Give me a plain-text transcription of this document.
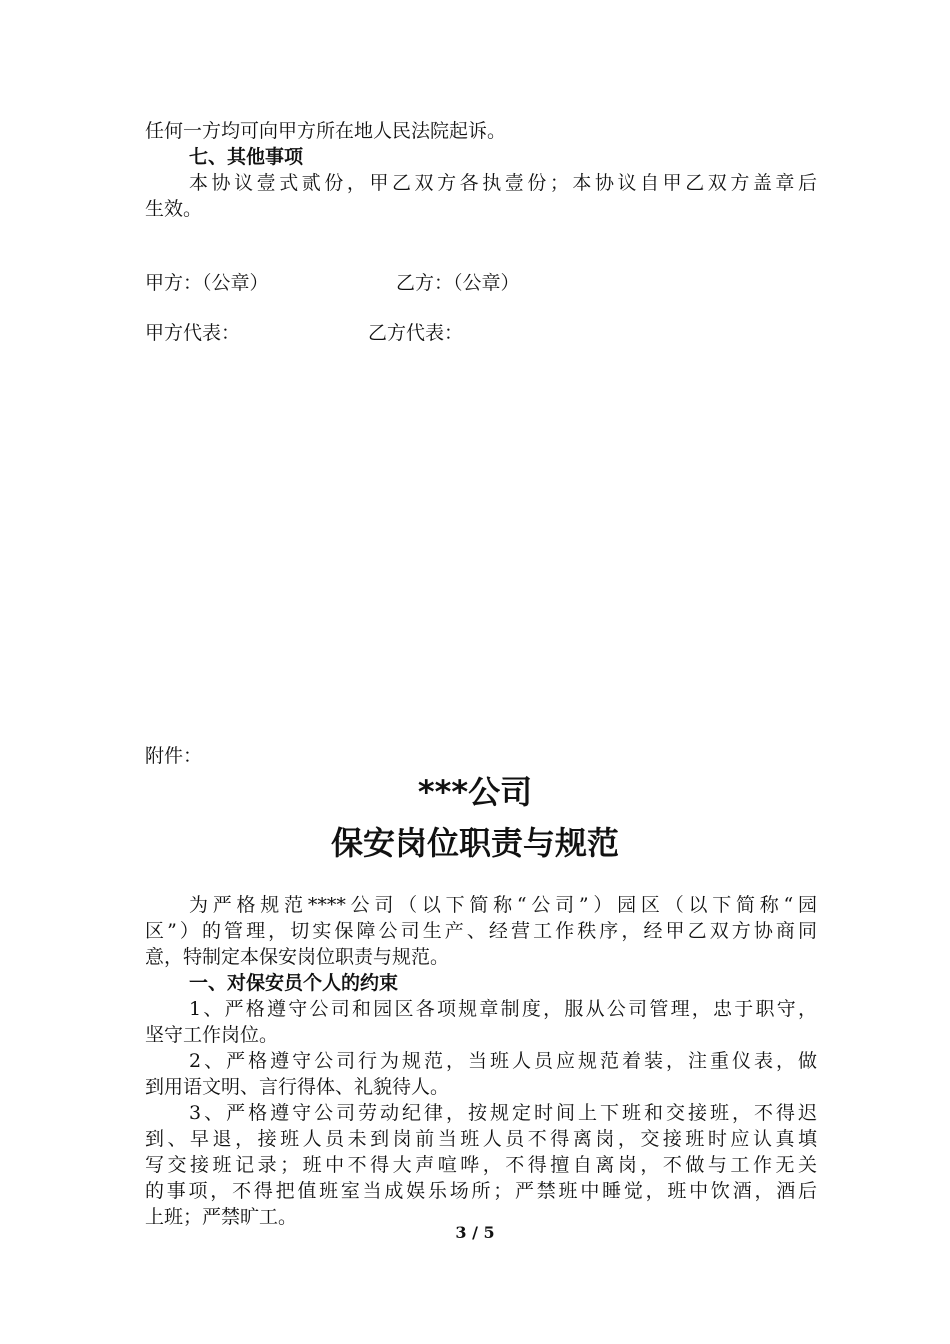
任何一方均可向甲方所在地人民法院起诉。
七、其他事项
本协议壹式贰份，甲乙双方各执壹份；本协议自甲乙双方盖章后
生效。
甲方：（公章）	乙方：（公章）
甲方代表：	乙方代表：
附件：
***公司
保安岗位职责与规范
为严格规范****公司（以下简称“公司”）园区（以下简称“园
区”）的管理，切实保障公司生产、经营工作秩序，经甲乙双方协商同
意，特制定本保安岗位职责与规范。
一、对保安员个人的约束
1、严格遵守公司和园区各项规章制度，服从公司管理，忠于职守，
坚守工作岗位。
2、严格遵守公司行为规范，当班人员应规范着装，注重仪表，做
到用语文明、言行得体、礼貌待人。
3、严格遵守公司劳动纪律，按规定时间上下班和交接班，不得迟
到、早退，接班人员未到岗前当班人员不得离岗，交接班时应认真填
写交接班记录；班中不得大声喧哗，不得擅自离岗，不做与工作无关
的事项，不得把值班室当成娱乐场所；严禁班中睡觉，班中饮酒，酒后
上班；严禁旷工。
3 / 5
